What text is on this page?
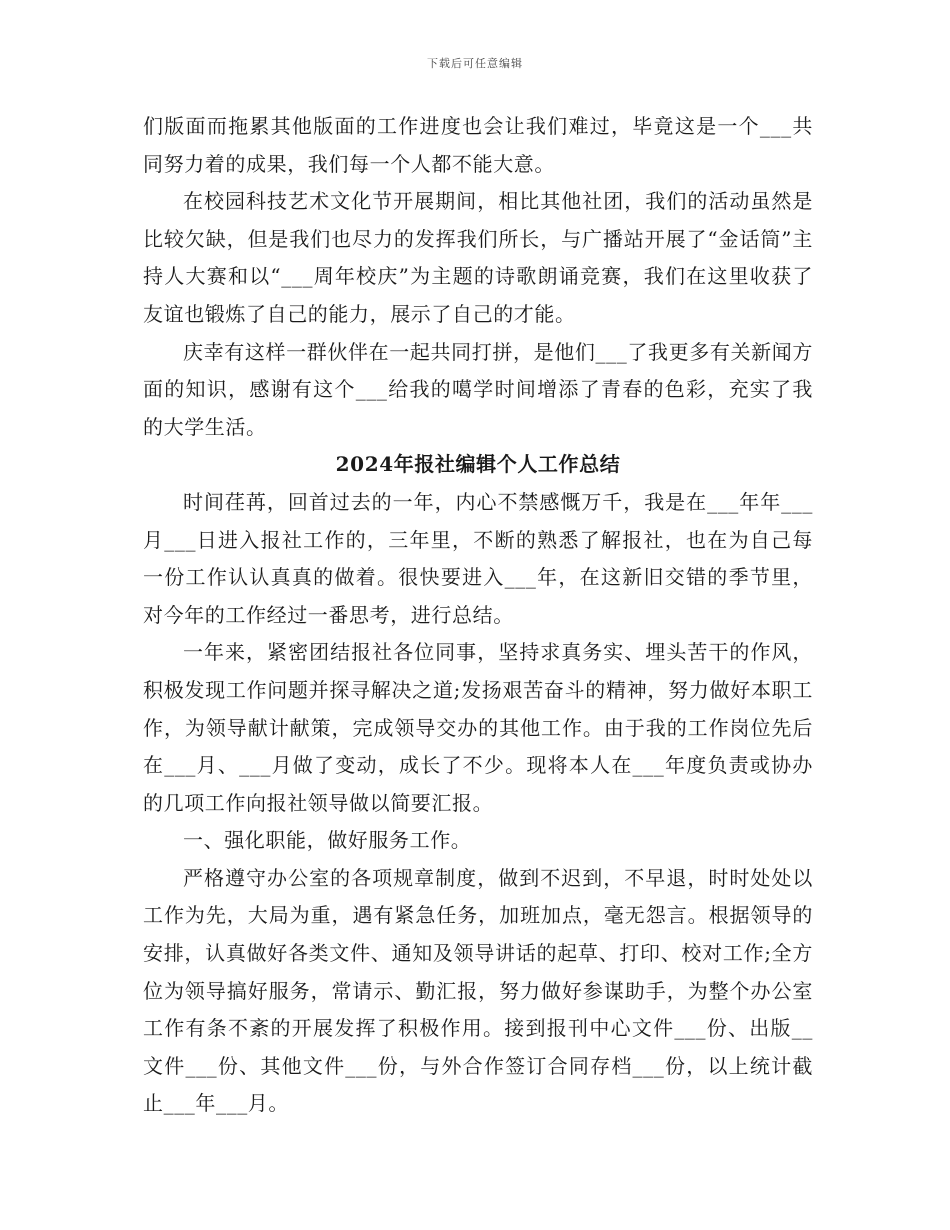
下载后可任意编辑

们版面而拖累其他版面的工作进度也会让我们难过，毕竟这是一个___共同努力着的成果，我们每一个人都不能大意。

在校园科技艺术文化节开展期间，相比其他社团，我们的活动虽然是比较欠缺，但是我们也尽力的发挥我们所长，与广播站开展了“金话筒”主持人大赛和以“___周年校庆”为主题的诗歌朗诵竞赛，我们在这里收获了友谊也锻炼了自己的能力，展示了自己的才能。

庆幸有这样一群伙伴在一起共同打拼，是他们___了我更多有关新闻方面的知识，感谢有这个___给我的噶学时间增添了青春的色彩，充实了我的大学生活。

2024年报社编辑个人工作总结

时间荏苒，回首过去的一年，内心不禁感慨万千，我是在___年年___月___日进入报社工作的，三年里，不断的熟悉了解报社，也在为自己每一份工作认认真真的做着。很快要进入___年，在这新旧交错的季节里，对今年的工作经过一番思考，进行总结。

一年来，紧密团结报社各位同事，坚持求真务实、埋头苦干的作风，积极发现工作问题并探寻解决之道;发扬艰苦奋斗的精神，努力做好本职工作，为领导献计献策，完成领导交办的其他工作。由于我的工作岗位先后在___月、___月做了变动，成长了不少。现将本人在___年度负责或协办的几项工作向报社领导做以简要汇报。

一、强化职能，做好服务工作。

严格遵守办公室的各项规章制度，做到不迟到，不早退，时时处处以工作为先，大局为重，遇有紧急任务，加班加点，毫无怨言。根据领导的安排，认真做好各类文件、通知及领导讲话的起草、打印、校对工作;全方位为领导搞好服务，常请示、勤汇报，努力做好参谋助手，为整个办公室工作有条不紊的开展发挥了积极作用。接到报刊中心文件___份、出版__文件___份、其他文件___份，与外合作签订合同存档___份，以上统计截止___年___月。
